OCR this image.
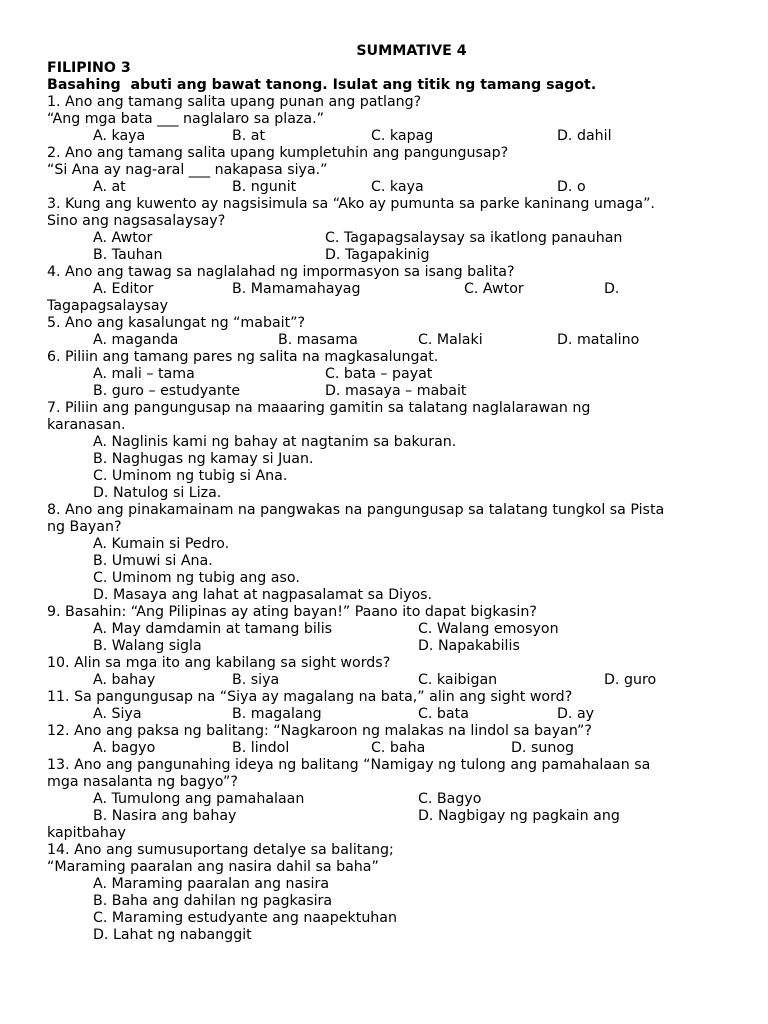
SUMMATIVE 4
FILIPINO 3
Basahing  abuti ang bawat tanong. Isulat ang titik ng tamang sagot.
1. Ano ang tamang salita upang punan ang patlang?
“Ang mga bata ___ naglalaro sa plaza.”
A. kaya	B. at	C. kapag	D. dahil
2. Ano ang tamang salita upang kumpletuhin ang pangungusap?
“Si Ana ay nag-aral ___ nakapasa siya.”
A. at	B. ngunit	C. kaya	D. o
3. Kung ang kuwento ay nagsisimula sa “Ako ay pumunta sa parke kaninang umaga”.
Sino ang nagsasalaysay?
A. Awtor	C. Tagapagsalaysay sa ikatlong panauhan
B. Tauhan	D. Tagapakinig
4. Ano ang tawag sa naglalahad ng impormasyon sa isang balita?
A. Editor	B. Mamamahayag	C. Awtor	D.
Tagapagsalaysay
5. Ano ang kasalungat ng “mabait”?
A. maganda	B. masama	C. Malaki	D. matalino
6. Piliin ang tamang pares ng salita na magkasalungat.
A. mali – tama	C. bata – payat
B. guro – estudyante	D. masaya – mabait
7. Piliin ang pangungusap na maaaring gamitin sa talatang naglalarawan ng
karanasan.
A. Naglinis kami ng bahay at nagtanim sa bakuran.
B. Naghugas ng kamay si Juan.
C. Uminom ng tubig si Ana.
D. Natulog si Liza.
8. Ano ang pinakamainam na pangwakas na pangungusap sa talatang tungkol sa Pista
ng Bayan?
A. Kumain si Pedro.
B. Umuwi si Ana.
C. Uminom ng tubig ang aso.
D. Masaya ang lahat at nagpasalamat sa Diyos.
9. Basahin: “Ang Pilipinas ay ating bayan!” Paano ito dapat bigkasin?
A. May damdamin at tamang bilis	C. Walang emosyon
B. Walang sigla	D. Napakabilis
10. Alin sa mga ito ang kabilang sa sight words?
A. bahay	B. siya	C. kaibigan	D. guro
11. Sa pangungusap na “Siya ay magalang na bata,” alin ang sight word?
A. Siya	B. magalang	C. bata	D. ay
12. Ano ang paksa ng balitang: “Nagkaroon ng malakas na lindol sa bayan”?
A. bagyo	B. lindol	C. baha	D. sunog
13. Ano ang pangunahing ideya ng balitang “Namigay ng tulong ang pamahalaan sa
mga nasalanta ng bagyo”?
A. Tumulong ang pamahalaan	C. Bagyo
B. Nasira ang bahay	D. Nagbigay ng pagkain ang
kapitbahay
14. Ano ang sumusuportang detalye sa balitang;
“Maraming paaralan ang nasira dahil sa baha”
A. Maraming paaralan ang nasira
B. Baha ang dahilan ng pagkasira
C. Maraming estudyante ang naapektuhan
D. Lahat ng nabanggit
